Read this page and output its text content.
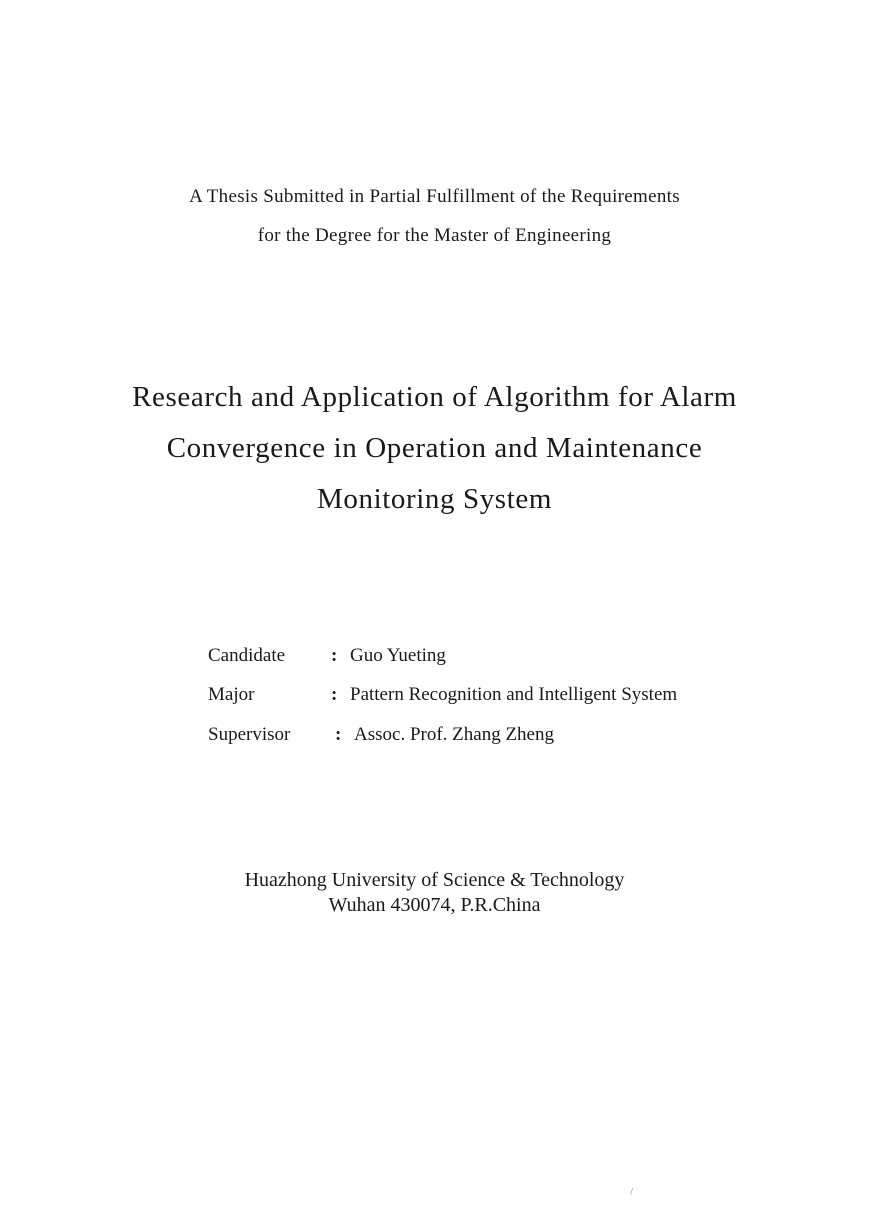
A Thesis Submitted in Partial Fulfillment of the Requirements
for the Degree for the Master of Engineering
Research and Application of Algorithm for Alarm
Convergence in Operation and Maintenance
Monitoring System
Candidate : Guo Yueting
Major	: Pattern Recognition and Intelligent System
Supervisor : Assoc. Prof. Zhang Zheng
Huazhong University of Science & Technology
Wuhan 430074, P.R.China
/
